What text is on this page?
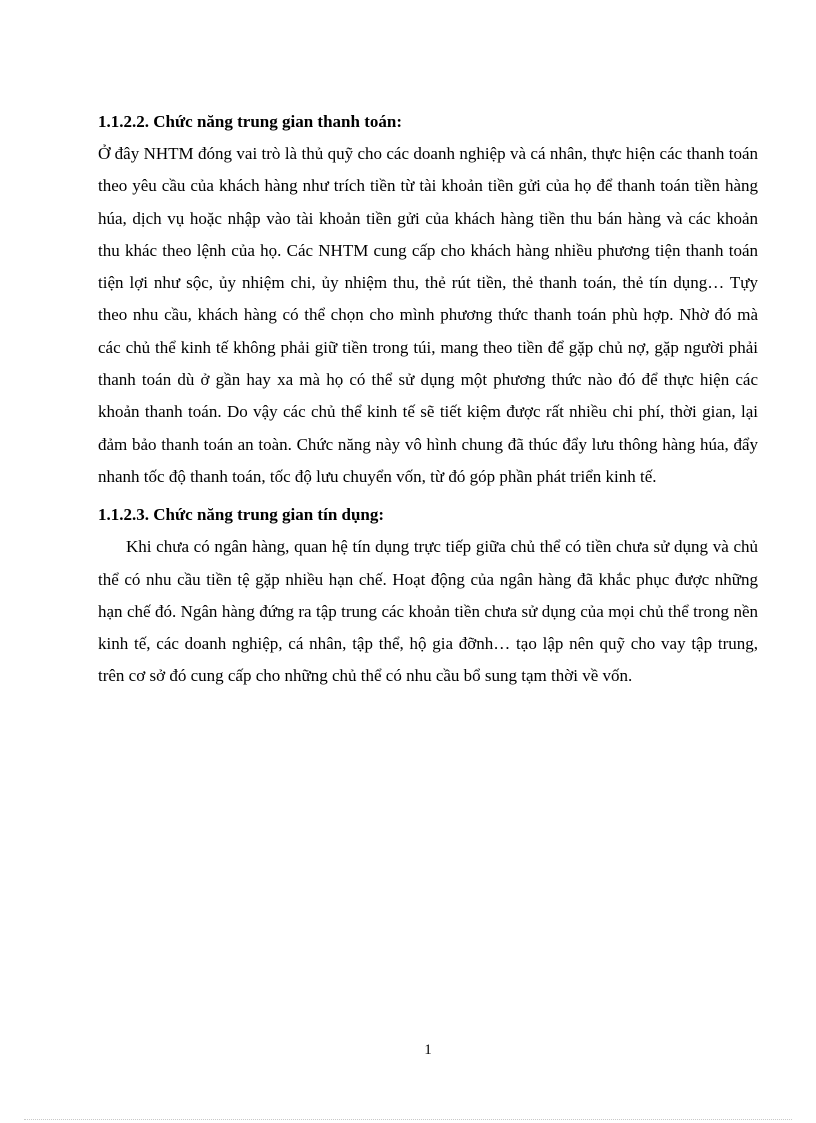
1.1.2.2. Chức năng trung gian thanh toán:

Ở đây NHTM đóng vai trò là thủ quỹ cho các doanh nghiệp và cá nhân, thực hiện các thanh toán theo yêu cầu của khách hàng như trích tiền từ tài khoản tiền gửi của họ để thanh toán tiền hàng húa, dịch vụ hoặc nhập vào tài khoản tiền gửi của khách hàng tiền thu bán hàng và các khoản thu khác theo lệnh của họ. Các NHTM cung cấp cho khách hàng nhiều phương tiện thanh toán tiện lợi như sộc, ủy nhiệm chi, ủy nhiệm thu, thẻ rút tiền, thẻ thanh toán, thẻ tín dụng… Tựy theo nhu cầu, khách hàng có thể chọn cho mình phương thức thanh toán phù hợp. Nhờ đó mà các chủ thể kinh tế không phải giữ tiền trong túi, mang theo tiền để gặp chủ nợ, gặp người phải thanh toán dù ở gần hay xa mà họ có thể sử dụng một phương thức nào đó để thực hiện các khoản thanh toán. Do vậy các chủ thể kinh tế sẽ tiết kiệm được rất nhiều chi phí, thời gian, lại đảm bảo thanh toán an toàn. Chức năng này vô hình chung đã thúc đẩy lưu thông hàng húa, đẩy nhanh tốc độ thanh toán, tốc độ lưu chuyển vốn, từ đó góp phần phát triển kinh tế.

1.1.2.3. Chức năng trung gian tín dụng:

Khi chưa có ngân hàng, quan hệ tín dụng trực tiếp giữa chủ thể có tiền chưa sử dụng và chủ thể có nhu cầu tiền tệ gặp nhiều hạn chế. Hoạt động của ngân hàng đã khắc phục được những hạn chế đó. Ngân hàng đứng ra tập trung các khoản tiền chưa sử dụng của mọi chủ thể trong nền kinh tế, các doanh nghiệp, cá nhân, tập thể, hộ gia đỡnh… tạo lập nên quỹ cho vay tập trung, trên cơ sở đó cung cấp cho những chủ thể có nhu cầu bổ sung tạm thời về vốn.

1
